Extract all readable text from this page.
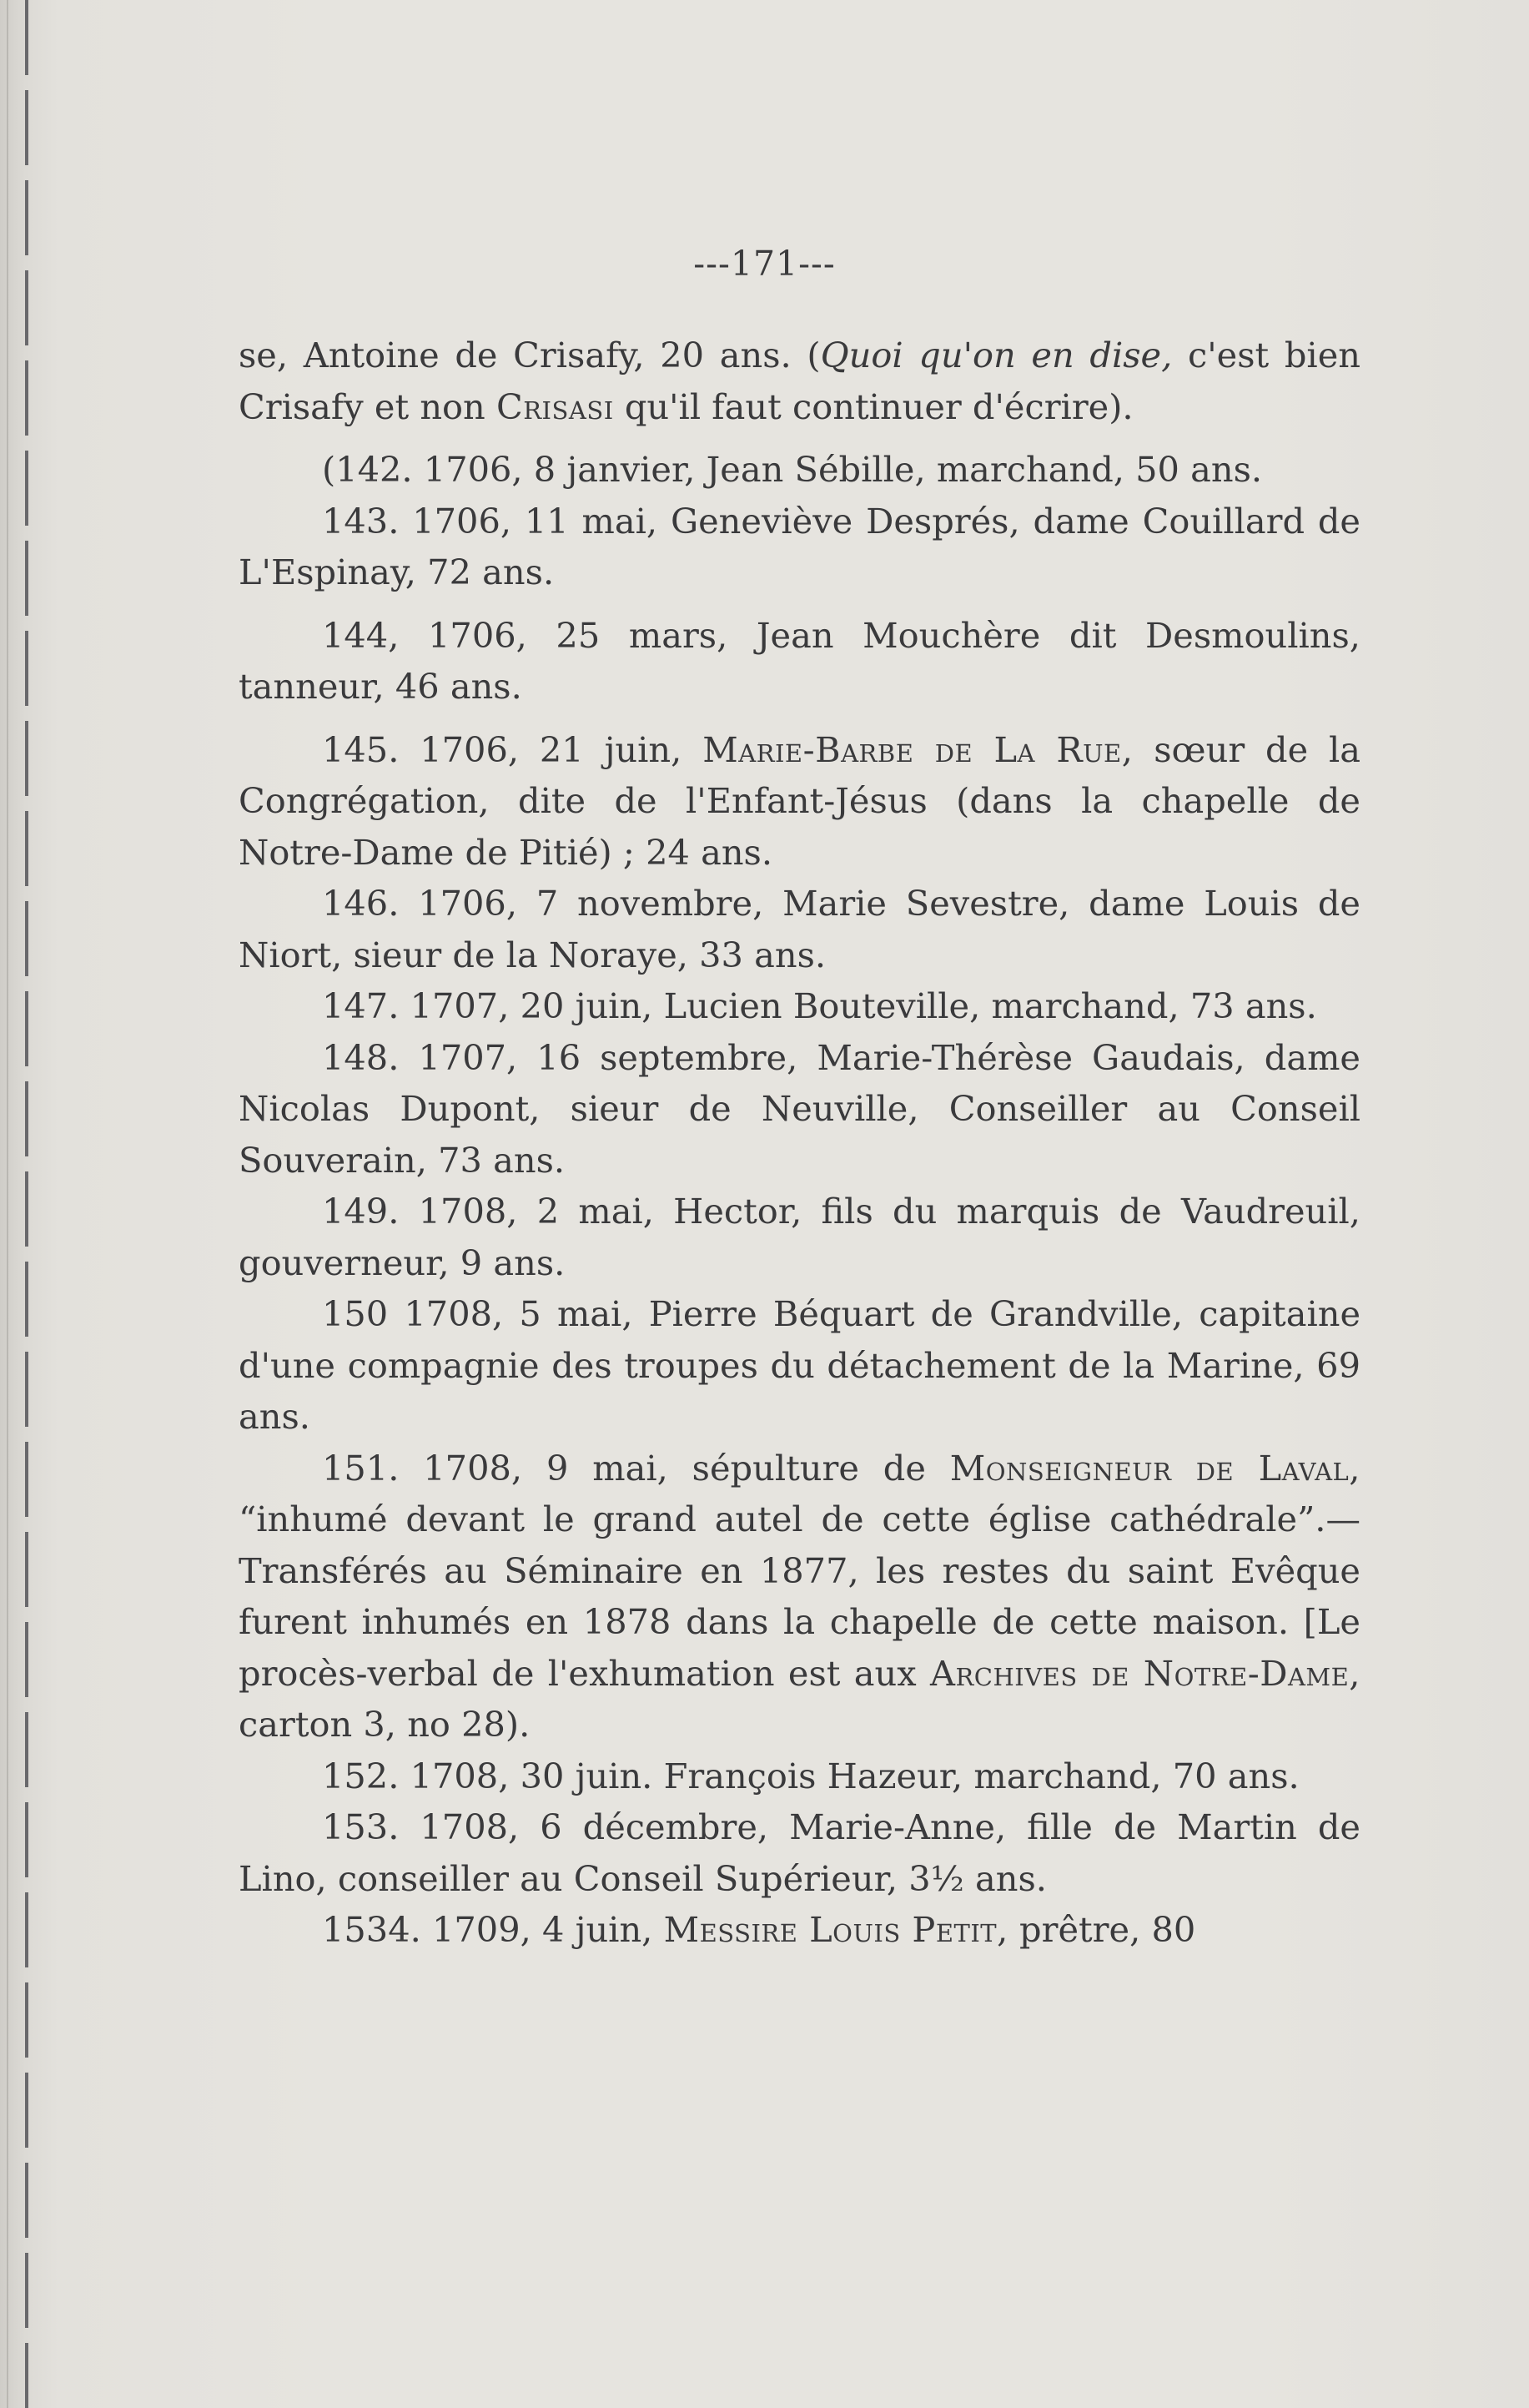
---171---

se, Antoine de Crisafy, 20 ans. (Quoi qu'on en dise, c'est bien Crisafy et non Crisasi qu'il faut continuer d'écrire).

(142. 1706, 8 janvier, Jean Sébille, marchand, 50 ans.

143. 1706, 11 mai, Geneviève Després, dame Couillard de L'Espinay, 72 ans.

144, 1706, 25 mars, Jean Mouchère dit Desmoulins, tanneur, 46 ans.

145. 1706, 21 juin, Marie-Barbe de La Rue, sœur de la Congrégation, dite de l'Enfant-Jésus (dans la chapelle de Notre-Dame de Pitié) ; 24 ans.

146. 1706, 7 novembre, Marie Sevestre, dame Louis de Niort, sieur de la Noraye, 33 ans.

147. 1707, 20 juin, Lucien Bouteville, marchand, 73 ans.

148. 1707, 16 septembre, Marie-Thérèse Gaudais, dame Nicolas Dupont, sieur de Neuville, Conseiller au Conseil Souverain, 73 ans.

149. 1708, 2 mai, Hector, fils du marquis de Vaudreuil, gouverneur, 9 ans.

150 1708, 5 mai, Pierre Béquart de Grandville, capitaine d'une compagnie des troupes du détachement de la Marine, 69 ans.

151. 1708, 9 mai, sépulture de Monseigneur de Laval, “inhumé devant le grand autel de cette église cathédrale”.—Transférés au Séminaire en 1877, les restes du saint Evêque furent inhumés en 1878 dans la chapelle de cette maison. [Le procès-verbal de l'exhumation est aux Archives de Notre-Dame, carton 3, no 28).

152. 1708, 30 juin. François Hazeur, marchand, 70 ans.

153. 1708, 6 décembre, Marie-Anne, fille de Martin de Lino, conseiller au Conseil Supérieur, 3½ ans.

1534. 1709, 4 juin, Messire Louis Petit, prêtre, 80
